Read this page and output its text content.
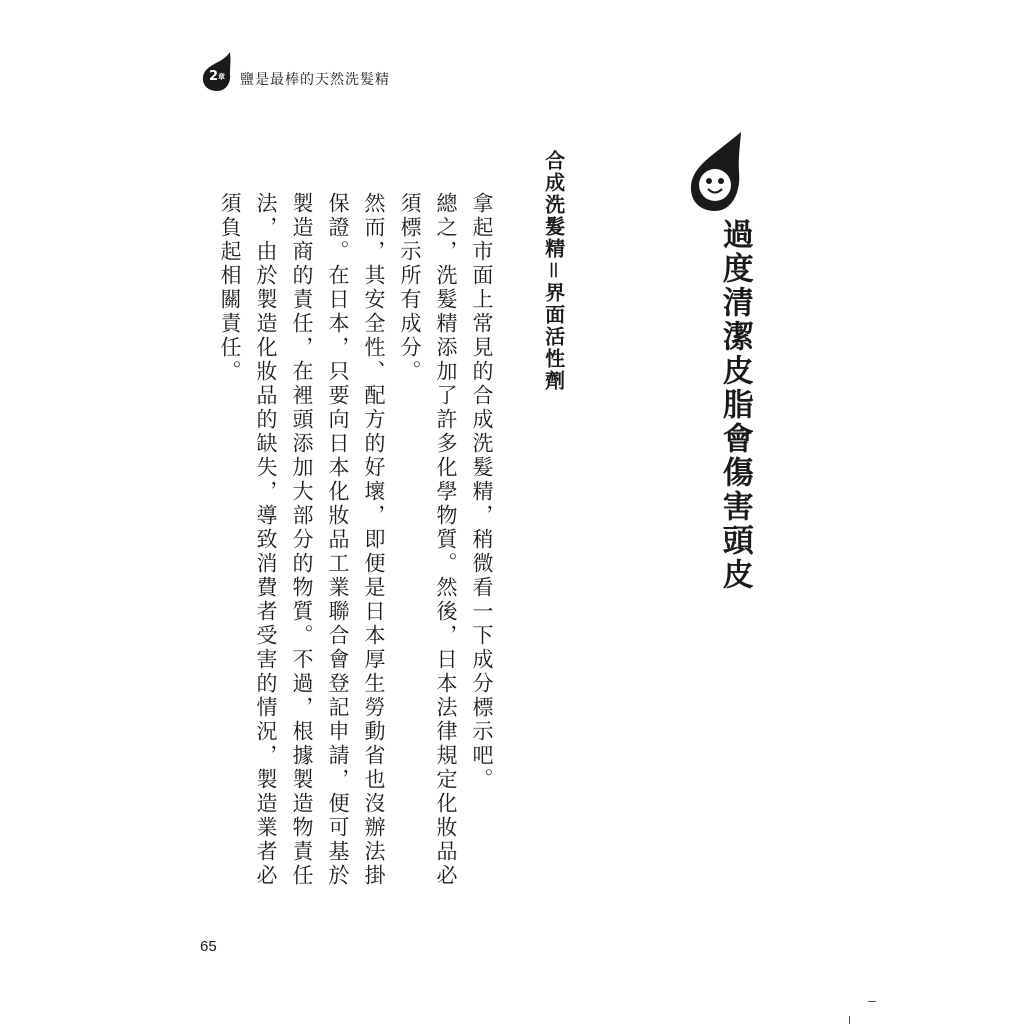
$2^章$	鹽是最棒的天然洗髮精
過度清潔皮脂會傷害頭皮
合成洗髮精＝界面活性劑

拿起市面上常見的合成洗髮精，稍微看一下成分標示吧。

總之，洗髮精添加了許多化學物質。然後，日本法律規定化妝品必須標示所有成分。

然而，其安全性、配方的好壞，即便是日本厚生勞動省也沒辦法掛保證。在日本，只要向日本化妝品工業聯合會登記申請，便可基於製造商的責任，在裡頭添加大部分的物質。不過，根據製造物責任法，由於製造化妝品的缺失，導致消費者受害的情況，製造業者必須負起相關責任。

65
